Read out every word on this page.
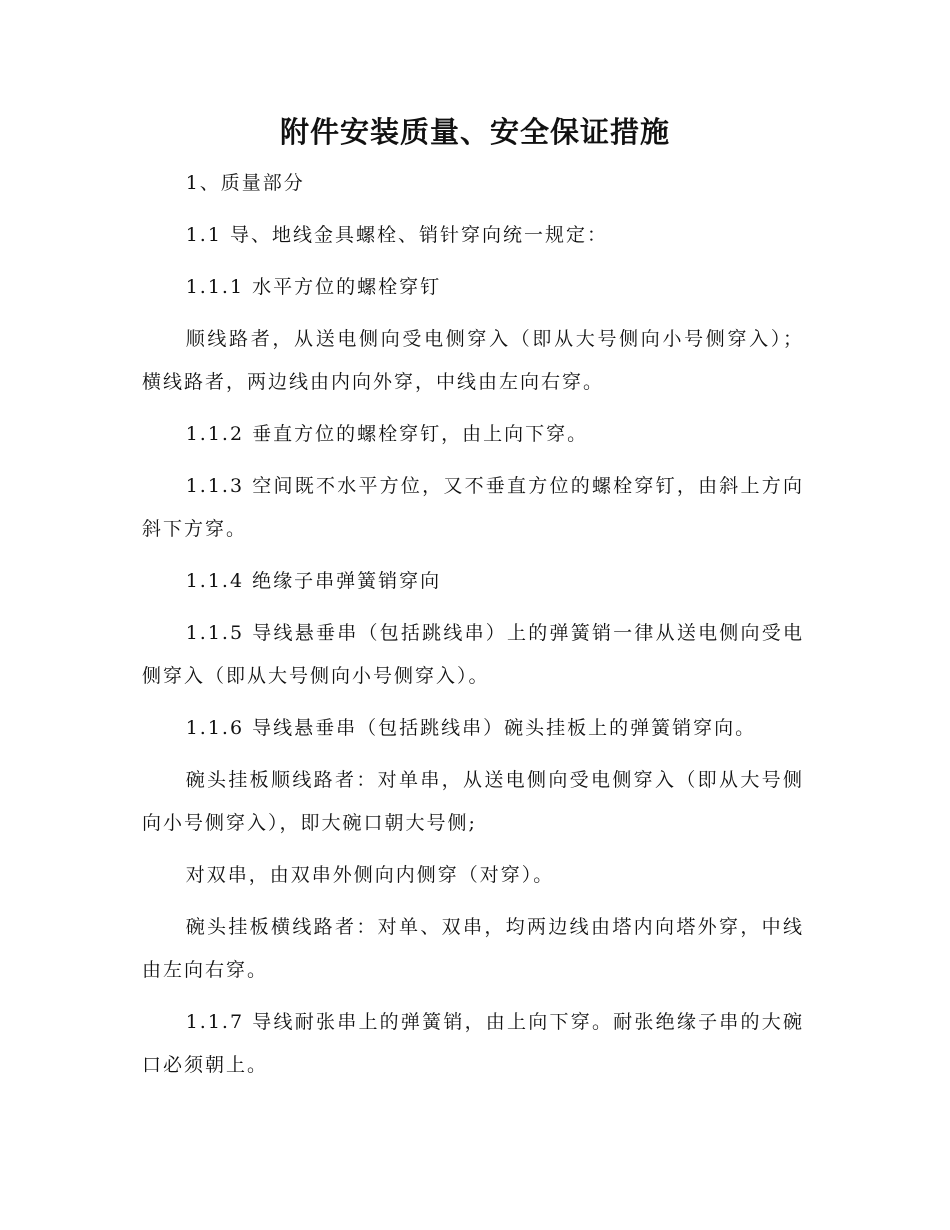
附件安装质量、安全保证措施

1、质量部分

1.1 导、地线金具螺栓、销针穿向统一规定：

1.1.1 水平方位的螺栓穿钉

顺线路者，从送电侧向受电侧穿入（即从大号侧向小号侧穿入）；横线路者，两边线由内向外穿，中线由左向右穿。

1.1.2 垂直方位的螺栓穿钉，由上向下穿。

1.1.3 空间既不水平方位，又不垂直方位的螺栓穿钉，由斜上方向斜下方穿。

1.1.4 绝缘子串弹簧销穿向

1.1.5 导线悬垂串（包括跳线串）上的弹簧销一律从送电侧向受电侧穿入（即从大号侧向小号侧穿入）。

1.1.6 导线悬垂串（包括跳线串）碗头挂板上的弹簧销穿向。

碗头挂板顺线路者：对单串，从送电侧向受电侧穿入（即从大号侧向小号侧穿入），即大碗口朝大号侧;

对双串，由双串外侧向内侧穿（对穿）。

碗头挂板横线路者：对单、双串，均两边线由塔内向塔外穿，中线由左向右穿。

1.1.7 导线耐张串上的弹簧销，由上向下穿。耐张绝缘子串的大碗口必须朝上。
